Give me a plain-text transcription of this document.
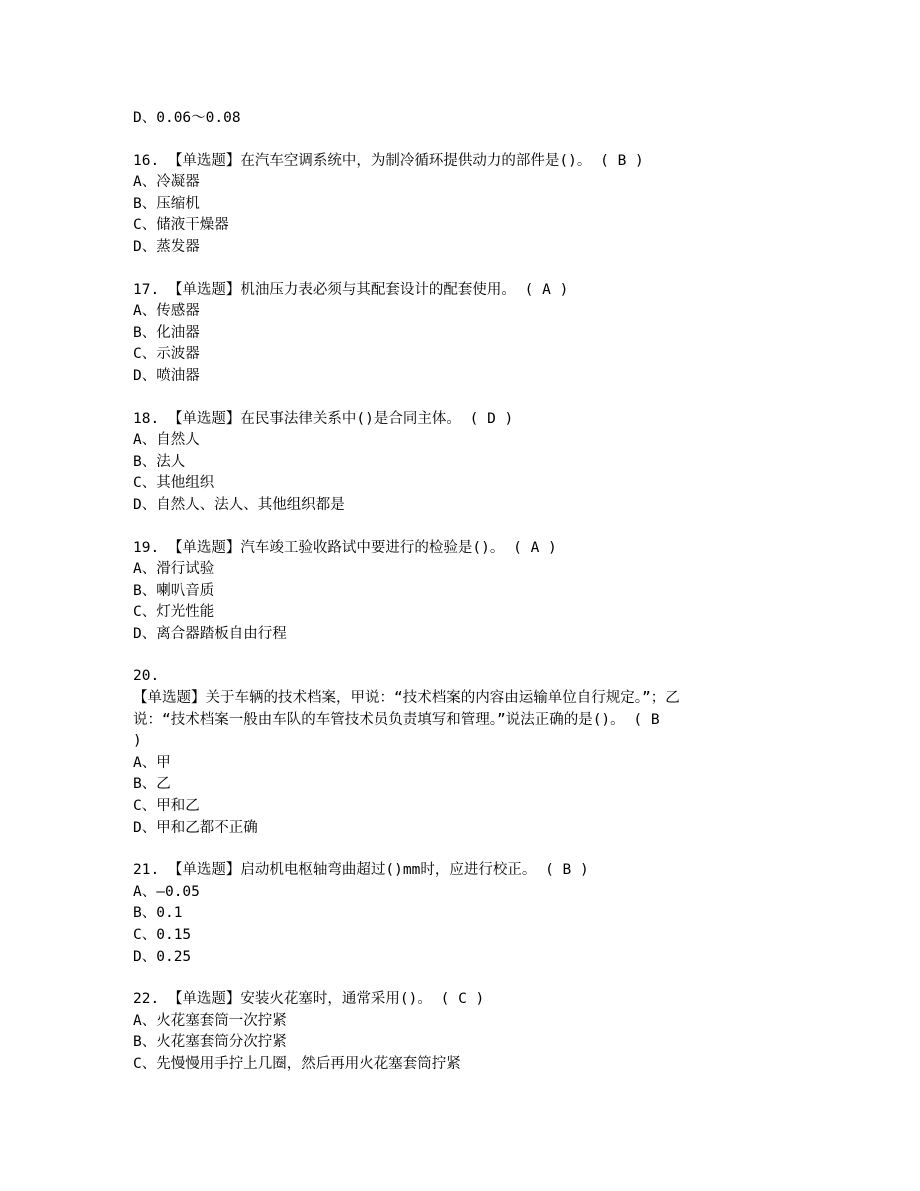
D、0.06～0.08
16. 【单选题】在汽车空调系统中，为制冷循环提供动力的部件是()。 ( B )
A、冷凝器
B、压缩机
C、储液干燥器
D、蒸发器
17. 【单选题】机油压力表必须与其配套设计的配套使用。 ( A )
A、传感器
B、化油器
C、示波器
D、喷油器
18. 【单选题】在民事法律关系中()是合同主体。 ( D )
A、自然人
B、法人
C、其他组织
D、自然人、法人、其他组织都是
19. 【单选题】汽车竣工验收路试中要进行的检验是()。 ( A )
A、滑行试验
B、喇叭音质
C、灯光性能
D、离合器踏板自由行程
20.
【单选题】关于车辆的技术档案，甲说：“技术档案的内容由运输单位自行规定。”；乙
说：“技术档案一般由车队的车管技术员负责填写和管理。”说法正确的是()。 ( B
)
A、甲
B、乙
C、甲和乙
D、甲和乙都不正确
21. 【单选题】启动机电枢轴弯曲超过()mm时，应进行校正。 ( B )
A、—0.05
B、0.1
C、0.15
D、0.25
22. 【单选题】安装火花塞时，通常采用()。 ( C )
A、火花塞套筒一次拧紧
B、火花塞套筒分次拧紧
C、先慢慢用手拧上几圈，然后再用火花塞套筒拧紧
